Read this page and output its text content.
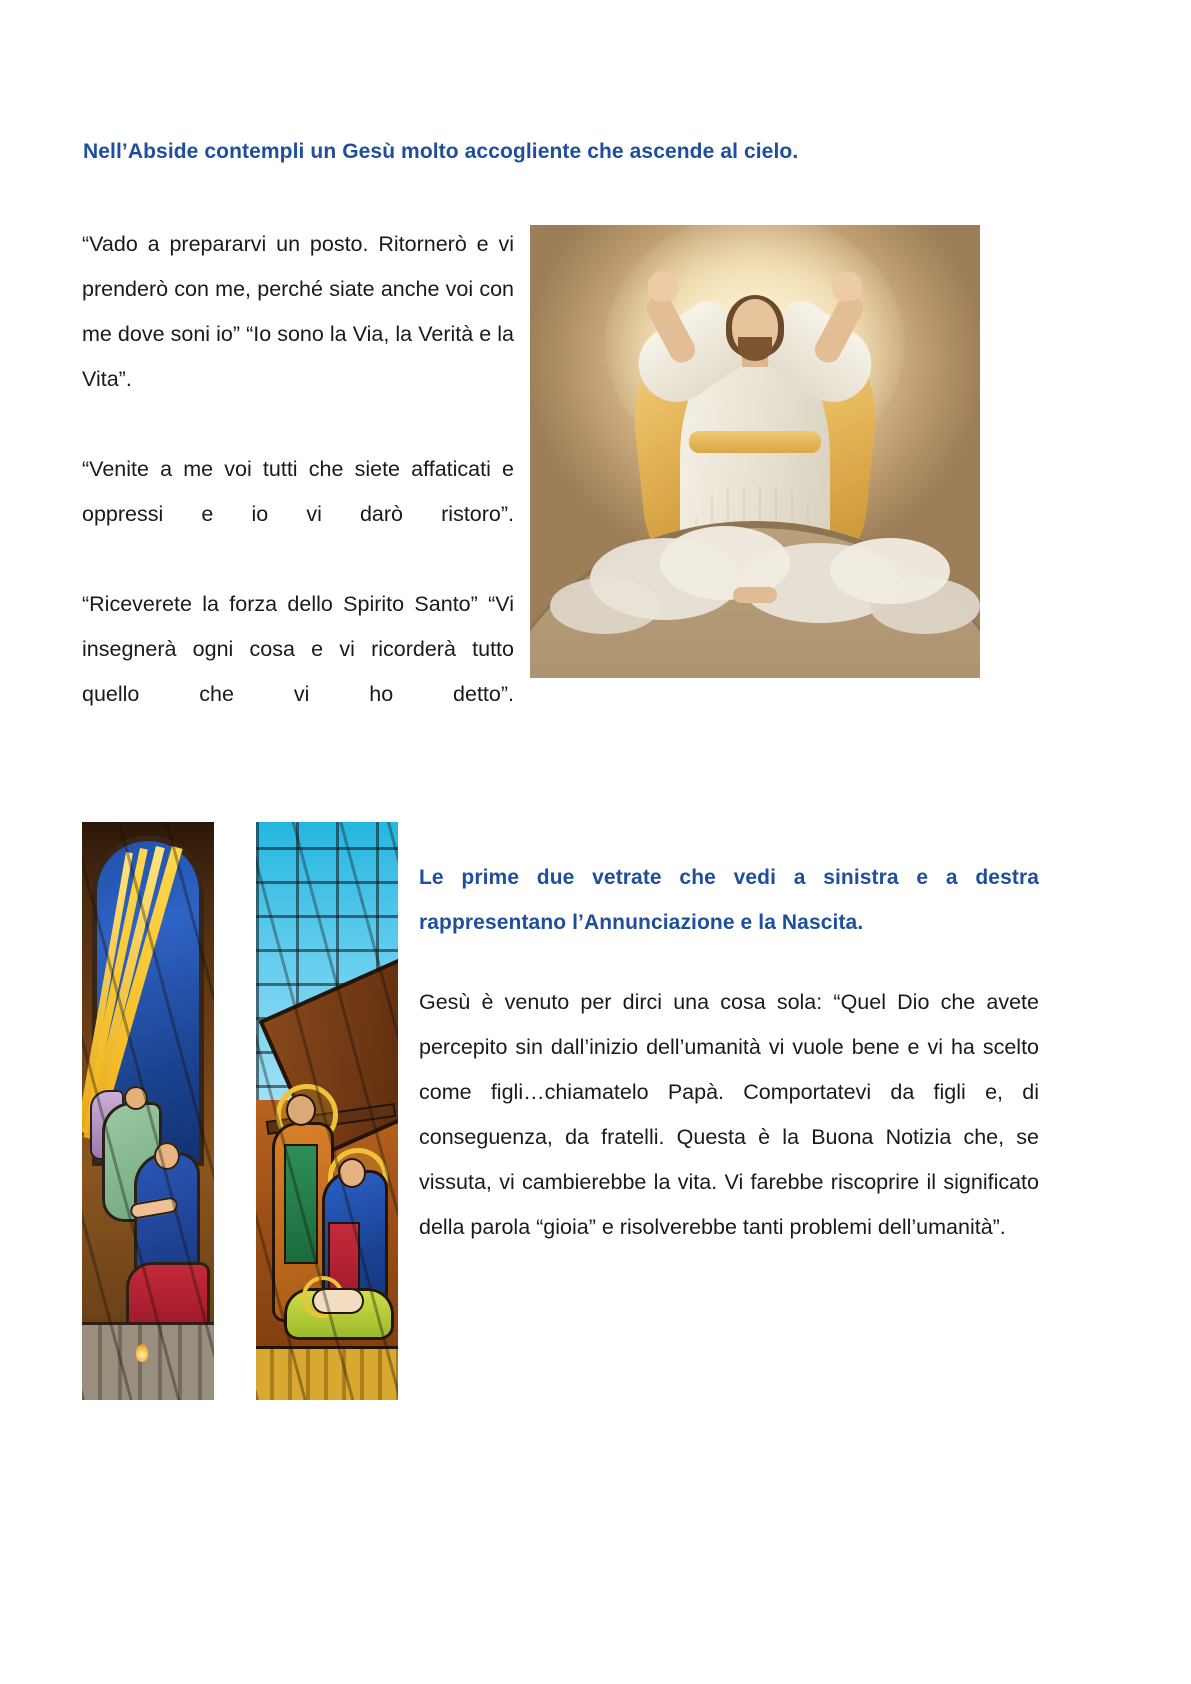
Nell’Abside contempli un Gesù molto accogliente che ascende al cielo.

“Vado a prepararvi un posto. Ritornerò e vi prenderò con me, perché siate anche voi con me dove soni io” “Io sono la Via, la Verità e la Vita”.

“Venite a me voi tutti che siete affaticati e oppressi e io vi darò ristoro”.

“Riceverete la forza dello Spirito Santo” “Vi insegnerà ogni cosa e vi ricorderà tutto quello che vi ho detto”.

Le prime due vetrate che vedi a sinistra e a destra rappresentano l’Annunciazione e la Nascita.

Gesù è venuto per dirci una cosa sola: “Quel Dio che avete percepito sin dall’inizio dell’umanità vi vuole bene e vi ha scelto come figli…chiamatelo Papà. Comportatevi da figli e, di conseguenza, da fratelli. Questa è la Buona Notizia che, se vissuta, vi cambierebbe la vita. Vi farebbe riscoprire il significato della parola “gioia” e risolverebbe tanti problemi dell’umanità”.
